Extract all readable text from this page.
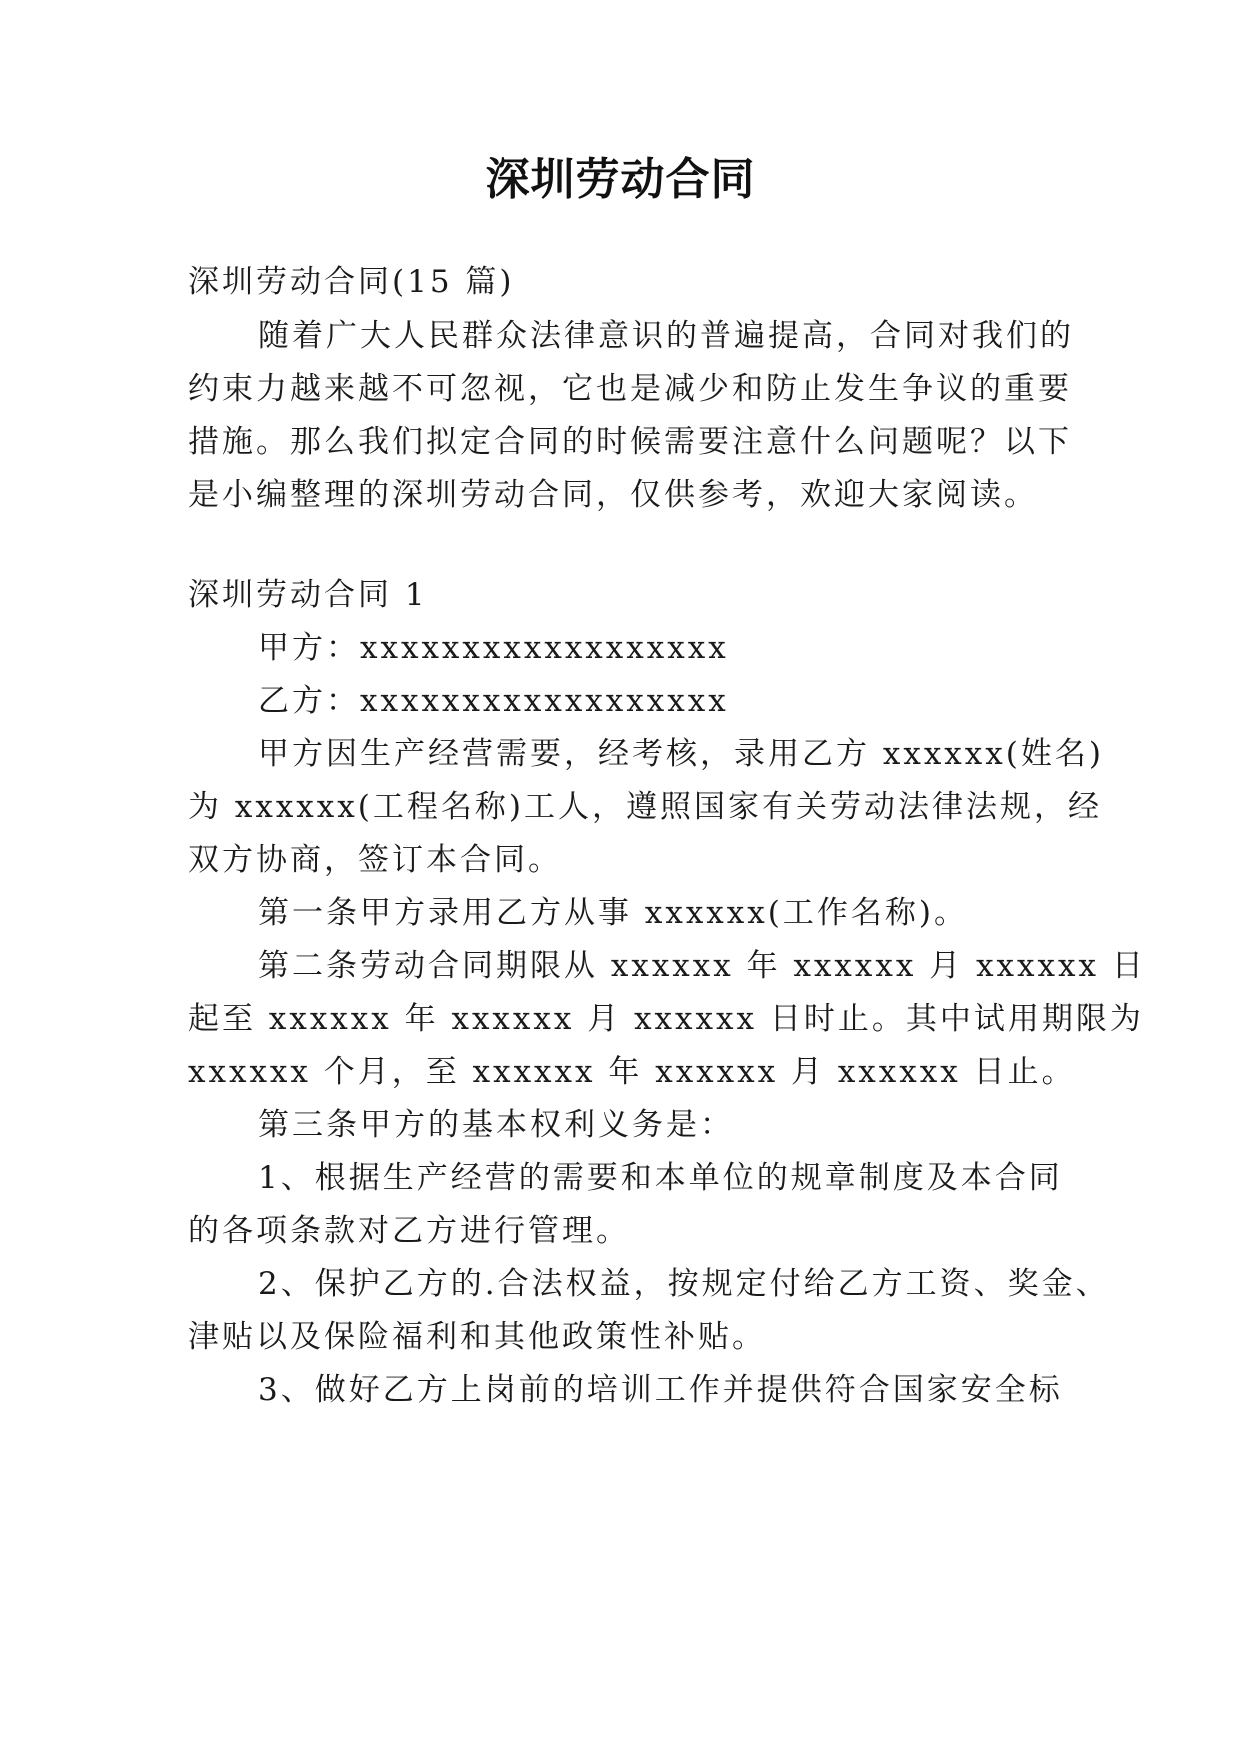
深圳劳动合同
深圳劳动合同(15 篇)
随着广大人民群众法律意识的普遍提高，合同对我们的
约束力越来越不可忽视，它也是减少和防止发生争议的重要
措施。那么我们拟定合同的时候需要注意什么问题呢？以下
是小编整理的深圳劳动合同，仅供参考，欢迎大家阅读。
深圳劳动合同 1
甲方：xxxxxxxxxxxxxxxxxx
乙方：xxxxxxxxxxxxxxxxxx
甲方因生产经营需要，经考核，录用乙方 xxxxxx(姓名)
为 xxxxxx(工程名称)工人，遵照国家有关劳动法律法规，经
双方协商，签订本合同。
第一条甲方录用乙方从事 xxxxxx(工作名称)。
第二条劳动合同期限从 xxxxxx 年 xxxxxx 月 xxxxxx 日
起至 xxxxxx 年 xxxxxx 月 xxxxxx 日时止。其中试用期限为
xxxxxx 个月，至 xxxxxx 年 xxxxxx 月 xxxxxx 日止。
第三条甲方的基本权利义务是：
1、根据生产经营的需要和本单位的规章制度及本合同
的各项条款对乙方进行管理。
2、保护乙方的.合法权益，按规定付给乙方工资、奖金、
津贴以及保险福利和其他政策性补贴。
3、做好乙方上岗前的培训工作并提供符合国家安全标
